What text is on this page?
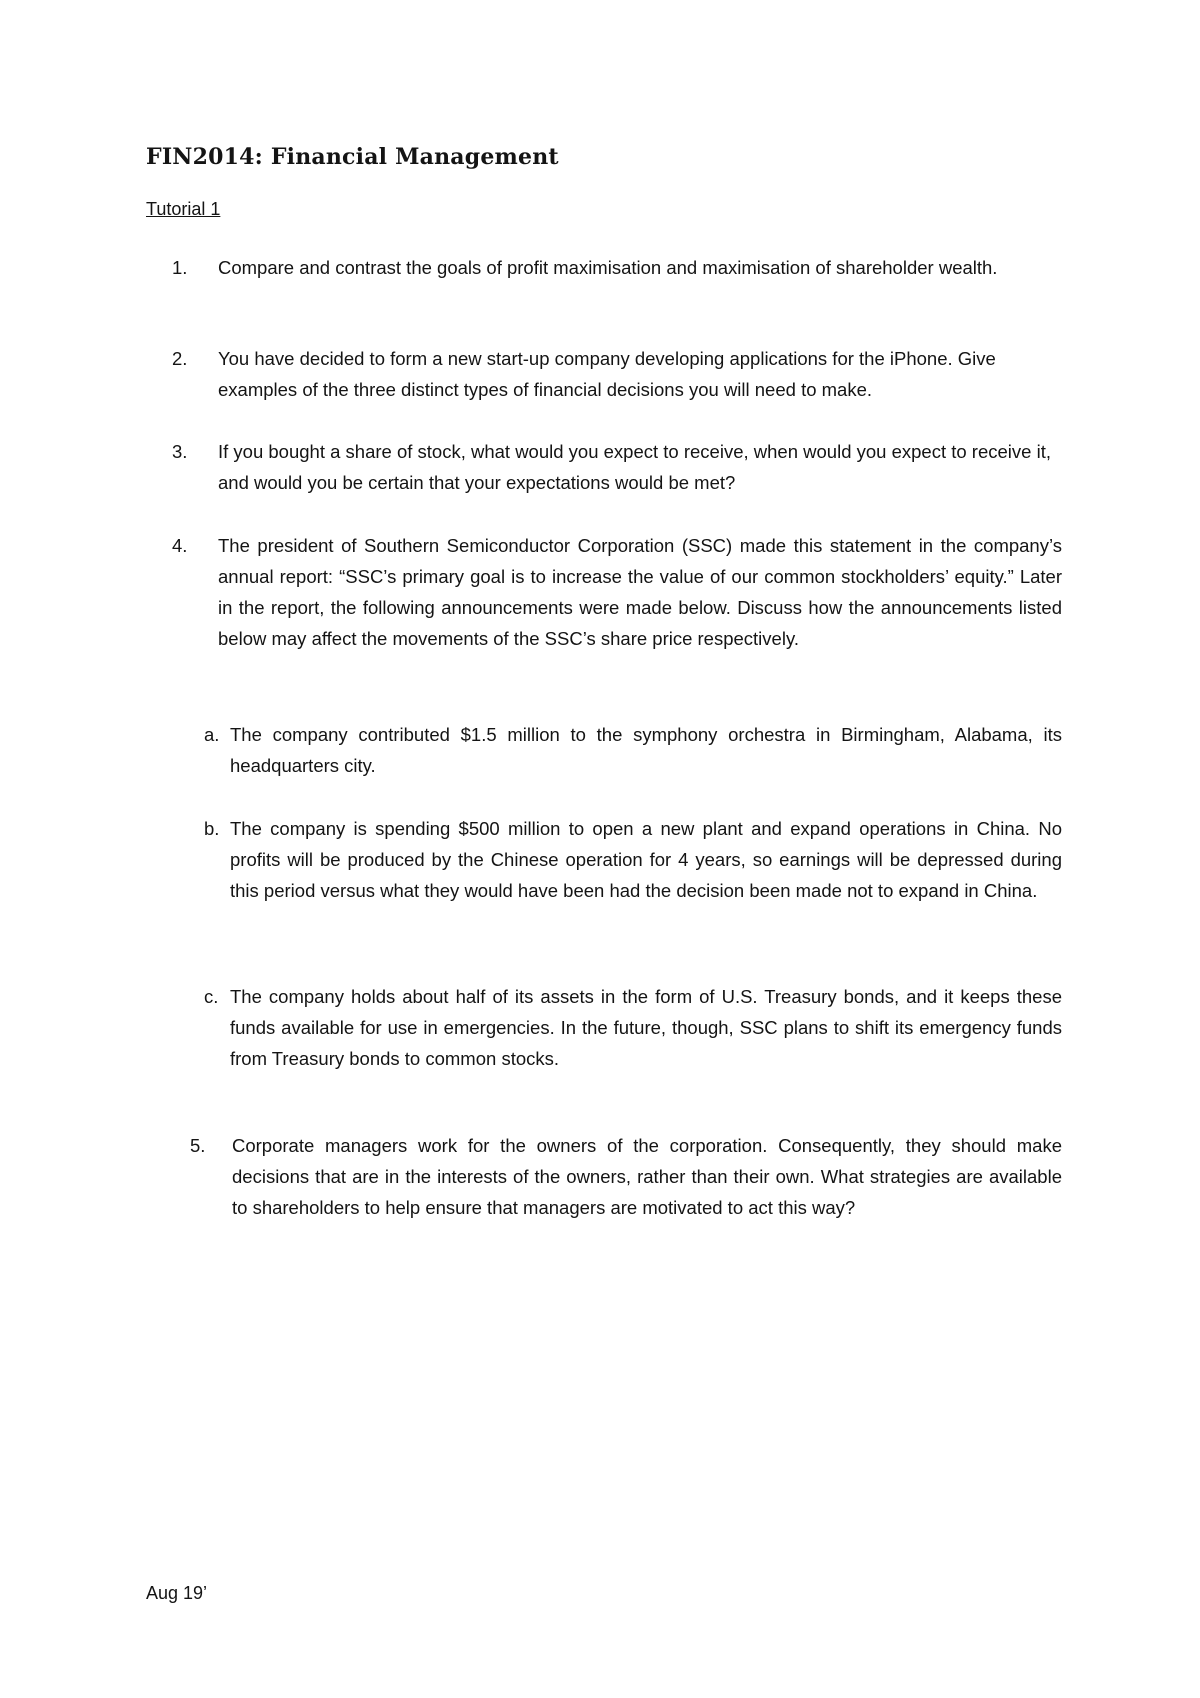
FIN2014: Financial Management
Tutorial 1
1. Compare and contrast the goals of profit maximisation and maximisation of shareholder wealth.
2. You have decided to form a new start-up company developing applications for the iPhone. Give examples of the three distinct types of financial decisions you will need to make.
3. If you bought a share of stock, what would you expect to receive, when would you expect to receive it, and would you be certain that your expectations would be met?
4. The president of Southern Semiconductor Corporation (SSC) made this statement in the company’s annual report: “SSC’s primary goal is to increase the value of our common stockholders’ equity.” Later in the report, the following announcements were made below. Discuss how the announcements listed below may affect the movements of the SSC’s share price respectively.
a. The company contributed $1.5 million to the symphony orchestra in Birmingham, Alabama, its headquarters city.
b. The company is spending $500 million to open a new plant and expand operations in China. No profits will be produced by the Chinese operation for 4 years, so earnings will be depressed during this period versus what they would have been had the decision been made not to expand in China.
c. The company holds about half of its assets in the form of U.S. Treasury bonds, and it keeps these funds available for use in emergencies. In the future, though, SSC plans to shift its emergency funds from Treasury bonds to common stocks.
5. Corporate managers work for the owners of the corporation. Consequently, they should make decisions that are in the interests of the owners, rather than their own. What strategies are available to shareholders to help ensure that managers are motivated to act this way?
Aug 19’
